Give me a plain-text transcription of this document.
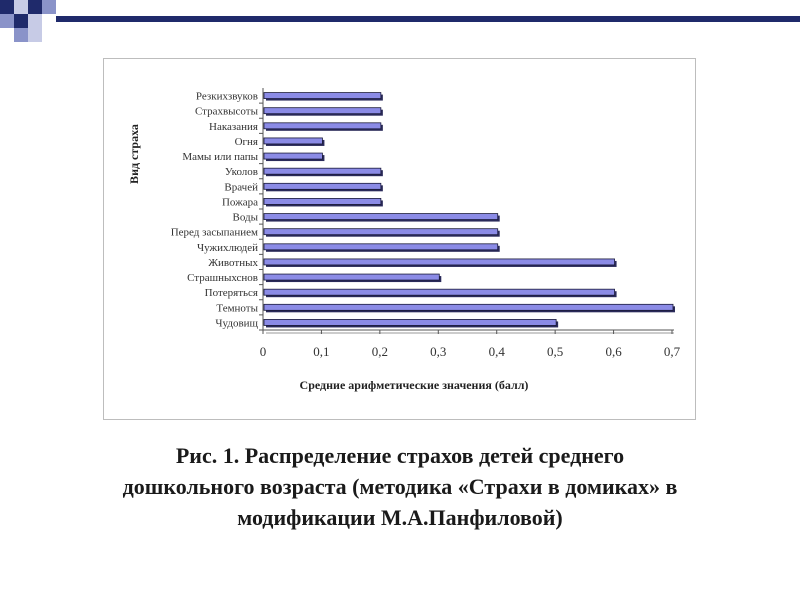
0	0,1	0,2	0,3	0,4	0,5	0,6	0,7
Резкихзвуков
Страхвысоты
Наказания
Огня
Мамы или папы
Уколов
Врачей
Пожара
Воды
Перед засыпанием
Чужихлюдей
Животных
Страшныхснов
Потеряться
Темноты
Чудовищ
Вид страха
Средние арифметические значения (балл)
Рис. 1. Распределение страхов детей среднего
дошкольного возраста (методика «Страхи в домиках» в
модификации М.А.Панфиловой)
